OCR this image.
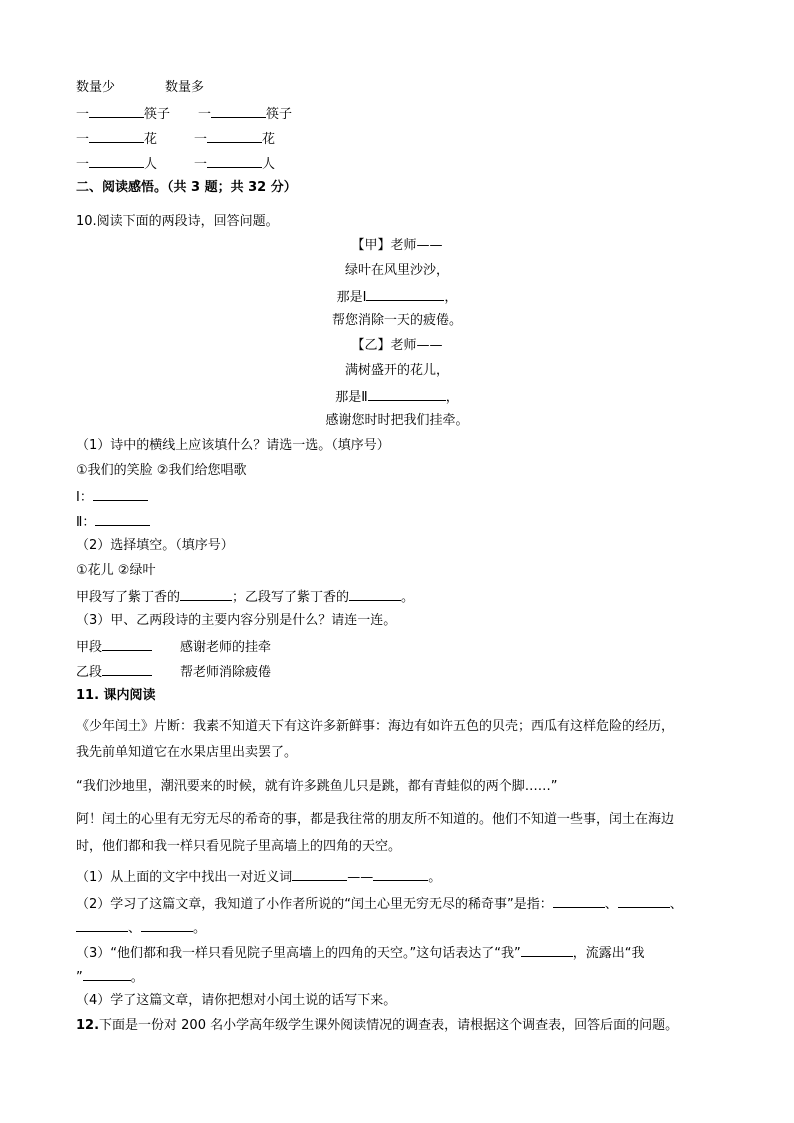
数量少	数量多
一	筷子 一	筷子
一	花	一	花
一	人	一	人
二、阅读感悟。（共 3 题；共 32 分）
10.阅读下面的两段诗，回答问题。
【甲】老师——
绿叶在风里沙沙，
那是Ⅰ	，
帮您消除一天的疲倦。
【乙】老师——
满树盛开的花儿，
那是Ⅱ	，
感谢您时时把我们挂牵。
（1）诗中的横线上应该填什么？请选一选。（填序号）
①我们的笑脸 ②我们给您唱歌
Ⅰ：
Ⅱ：
（2）选择填空。（填序号）
①花儿 ②绿叶
甲段写了紫丁香的	；乙段写了紫丁香的	。
（3）甲、乙两段诗的主要内容分别是什么？请连一连。
甲段	感谢老师的挂牵
乙段	帮老师消除疲倦
11. 课内阅读
《少年闰土》片断：我素不知道天下有这许多新鲜事：海边有如许五色的贝壳；西瓜有这样危险的经历，
我先前单知道它在水果店里出卖罢了。
“我们沙地里，潮汛要来的时候，就有许多跳鱼儿只是跳，都有青蛙似的两个脚……”
阿！闰土的心里有无穷无尽的希奇的事，都是我往常的朋友所不知道的。他们不知道一些事，闰土在海边
时，他们都和我一样只看见院子里高墙上的四角的天空。
（1）从上面的文字中找出一对近义词	——	。
（2）学习了这篇文章，我知道了小作者所说的“闰土心里无穷无尽的稀奇事”是指：	、	、
、	。
（3）“他们都和我一样只看见院子里高墙上的四角的天空。”这句话表达了“我”	，流露出“我
”	。
（4）学了这篇文章，请你把想对小闰土说的话写下来。
12.下面是一份对 200 名小学高年级学生课外阅读情况的调查表，请根据这个调查表，回答后面的问题。
